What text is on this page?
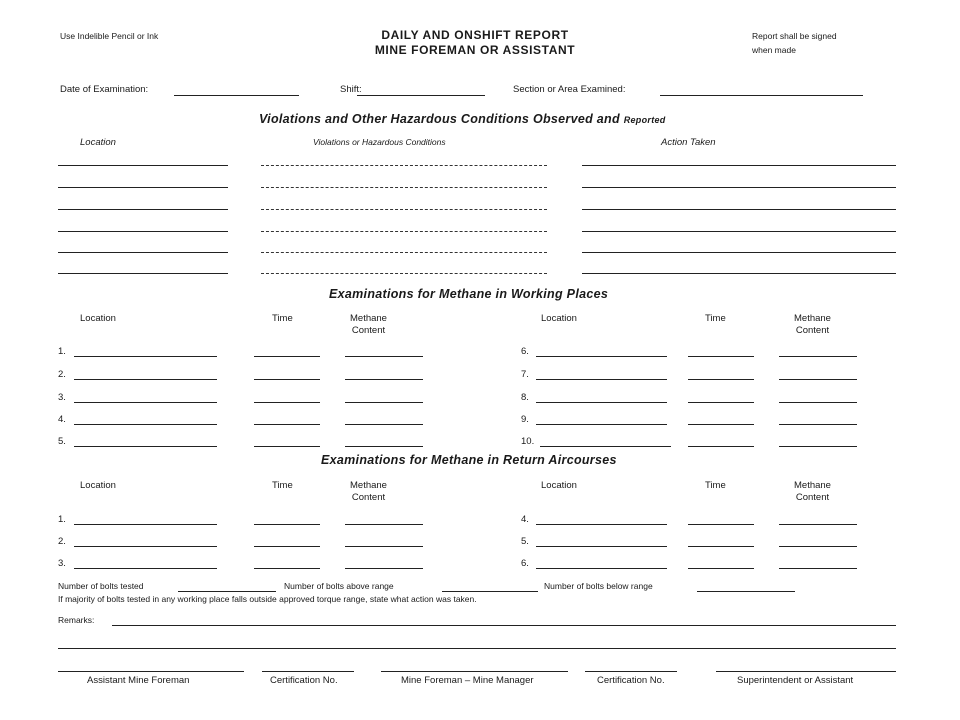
Use Indelible Pencil or Ink	DAILY AND ONSHIFT REPORT
MINE FOREMAN OR ASSISTANT
Report shall be signed
when made
Date of Examination:	Shift:	Section or Area Examined:
Violations and Other Hazardous Conditions Observed and Reported
Location	Violations or Hazardous Conditions	Action Taken
Examinations for Methane in Working Places
Location	Time	Methane
Content
Location	Time	Methane
Content
1.	6.
2.	7.
3.	8.
4.	9.
5.	10.
Examinations for Methane in Return Aircourses
Location	Time	Methane
Content
Location	Time	Methane
Content
1.	4.
2.	5.
3.	6.
Number of bolts tested	Number of bolts above range	Number of bolts below range
If majority of bolts tested in any working place falls outside approved torque range, state what action was taken.
Remarks:
Assistant Mine Foreman	Certification No.	Mine Foreman – Mine Manager	Certification No.	Superintendent or Assistant
